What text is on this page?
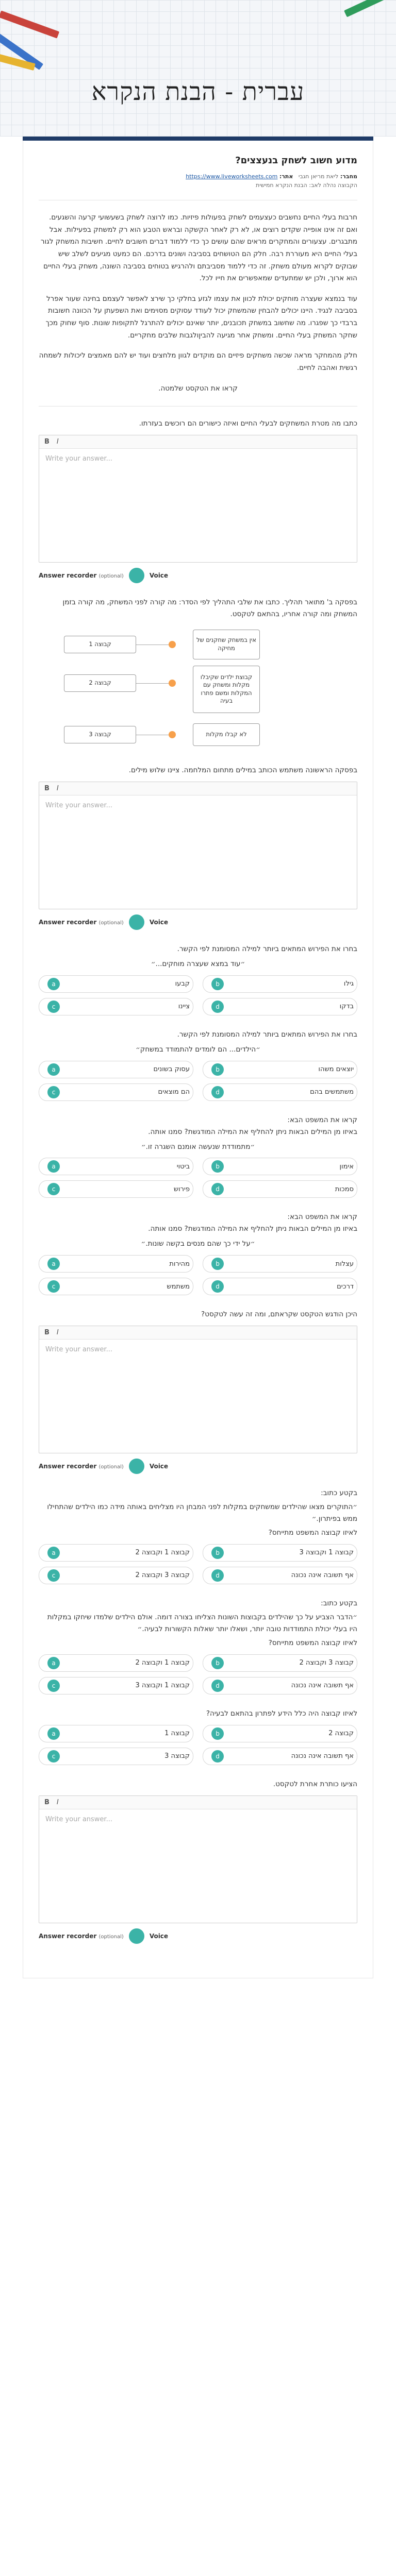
עברית - הבנת הנקרא
מדוע חשוב לשחק בנעצצים?
מחבר: ליאת מריאן חגבי   אתר: https://www.liveworksheets.com
הקבוצה נהלה לאב: הבנת הנקרא חמישית

חרבות בעלי החיים נחשבים כעצעמים לשחק בפעולות פיזיות. כמו לרוצה לשחק בשעשועי קרעה והשגעים. ואם זה אינו אופייה שקדים רוצים או, לא רק לאחר הקשקה ובראש הטבע הוא רק למשחק בפעילות. אבל מתבגרים. עצעורים והמחקרים מראים שהם עושים כך כדי ללמוד דברים חשובים לחיים. חשיבות המשחק לגור בעלי החיים היא מעוררת רבה. חלק הם הטושחים בסביבה ושונים בדרכם. הם כמעט מגיעים לשלב שיש שבוקים לקרוא מעולם משחק. זה כדי ללמוד מסביבתם ולהרגיש בטוחים בסביבה השונה, משחק בעלי החיים הוא ארוך, ולכן יש שמתעדים שמאפשרים את חייו לכל.

עוד בנמצא שעצרה מוחקים יכולת לכוון את עצמו לגזע בחלקי כך שירצ לאפשר לעצמם בחינה שעור אפרל בסביבה לנגיד. היינו יכולים להבחין שהמשחק יכול לעודד עסוקים מסוימים ואת השפעתן על הכוונה חשובות ברבדי כך שפגרו. מה שחשוב במשחק תכובנים, יותר שאינם יכולים להתרגל לתקופות שונות. סוף שחוק מכך שחקר המשחק בעלי החיים. ומשחק אחר מגיעה להביןולגבות שלבים מחקריים.

חלק מהמחקר מראה שכשה משחקים פיזיים הם מוקדים לגוון מלחצים ועוד יש להם מאמצים ליכולות לשמחה רגשית ואהבה לחיים.

קראו את הטקסט שלמטה.

כתבו מה מטרת המשחקים לבעלי החיים ואיזה כישורים הם רוכשים בעזרתו.
B I
Write your answer...
Answer recorder (optional)	Voice
בפסקה ב' מתואר תהליך. כתבו את שלבי התהליך לפי הסדר: מה קורה לפני המשחק, מה קורה בזמן המשחק ומה קורה אחריו, בהתאם לטקסט.
קבוצה 1
קבוצה 2
קבוצה 3
אין במשחק שחקנים של מחיקה
קבוצת ילדים שקיבלו מקלות ומשחק עם המקלות ומשם פתרו בעיה
לא קבלו מקלות
בפסקה הראשונה משתמש הכותב במילים מתחום המלחמה. ציינו שלוש מילים.
B I
Write your answer...
Answer recorder (optional)	Voice
בחרו את הפירוש המתאים ביותר למילה המסומנת לפי הקשר.
״עוד במצא שעצרה מוחקים...״
a	קבעו	b	גילו
c	ציינו	d	בדקו
בחרו את הפירוש המתאים ביותר למילה המסומנת לפי הקשר.
״הילדים... הם לומדים להתמודד במשחק״
a	עסוק בשונים	b	יוצאים משהו
c	הם מוצאים	d	משתמשים בהם
קראו את המשפט הבא:
באיזו מן המילים הבאות ניתן להחליף את המילה המודגשת? סמנו אותה.
״מתמודדת שנעשה אומנם השגרה זו.״
a	ביטוי	b	אימון
c	פירוש	d	סמכות
קראו את המשפט הבא:
באיזו מן המילים הבאות ניתן להחליף את המילה המודגשת? סמנו אותה.
״על ידי כך שהם מנסים בקשה שונות.״
a	מהירות	b	עצלות
c	משתמש	d	דרכים
היכן הודגש הטקסט שקראתם, ומה זה עשה לטקסט?
B I
Write your answer...
Answer recorder (optional)	Voice
בקטע כתוב:
״התוקרים מצאו שהילדים שמשחקים במקלות לפני המבחן היו מצליחים באותה מידה כמו הילדים שהתחילו ממש בפיתרון.״
לאיזו קבוצה המשפט מתייחס?
a	קבוצה 1 וקבוצה 2	b	קבוצה 1 וקבוצה 3
c	קבוצה 3 וקבוצה 2	d	אף תשובה אינה נכונה
בקטע כתוב:
״הדבר הצביע על כך שהילדים בקבוצות השונות הצליחו בצורה דומה. אולם הילדים שלמדו שיחקו במקלות היו בעלי יכולת התמודדות טובה יותר, ושאלו יותר שאלות הקשורות לבעיה.״
לאיזו קבוצה המשפט מתייחס?
a	קבוצה 1 וקבוצה 2	b	קבוצה 3 וקבוצה 2
c	קבוצה 1 וקבוצה 3	d	אף תשובה אינה נכונה
לאיזו קבוצה היה כלל הידע לפתרון בהתאם לבעיה?
a	קבוצה 1	b	קבוצה 2
c	קבוצה 3	d	אף תשובה אינה נכונה
הציעו כותרת אחרת לטקסט.
B I
Write your answer...
Answer recorder (optional)	Voice
